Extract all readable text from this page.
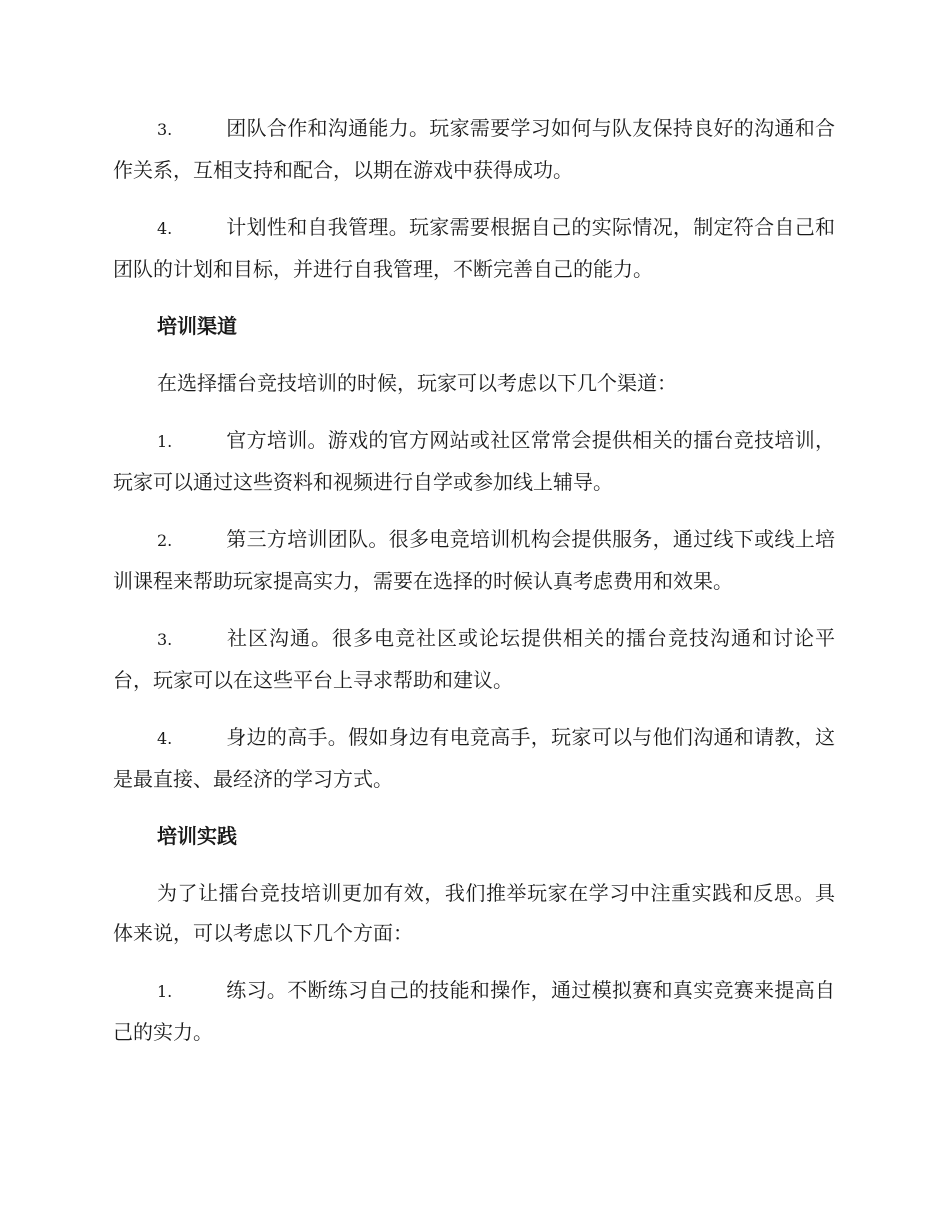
3.	团队合作和沟通能力。玩家需要学习如何与队友保持良好的沟通和合作关系，互相支持和配合，以期在游戏中获得成功。
4.	计划性和自我管理。玩家需要根据自己的实际情况，制定符合自己和团队的计划和目标，并进行自我管理，不断完善自己的能力。
培训渠道
在选择擂台竞技培训的时候，玩家可以考虑以下几个渠道：
1.	官方培训。游戏的官方网站或社区常常会提供相关的擂台竞技培训，玩家可以通过这些资料和视频进行自学或参加线上辅导。
2.	第三方培训团队。很多电竞培训机构会提供服务，通过线下或线上培训课程来帮助玩家提高实力，需要在选择的时候认真考虑费用和效果。
3.	社区沟通。很多电竞社区或论坛提供相关的擂台竞技沟通和讨论平台，玩家可以在这些平台上寻求帮助和建议。
4.	身边的高手。假如身边有电竞高手，玩家可以与他们沟通和请教，这是最直接、最经济的学习方式。
培训实践
为了让擂台竞技培训更加有效，我们推举玩家在学习中注重实践和反思。具体来说，可以考虑以下几个方面：
1.	练习。不断练习自己的技能和操作，通过模拟赛和真实竞赛来提高自己的实力。
